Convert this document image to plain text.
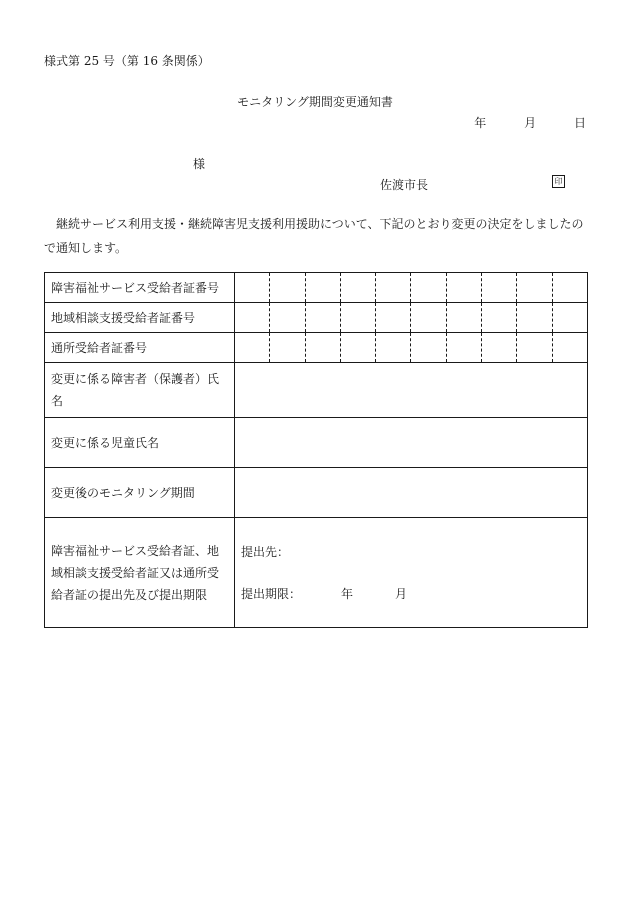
様式第 25 号（第 16 条関係）
モニタリング期間変更通知書
年	月	日
様
佐渡市長	印
継続サービス利用支援・継続障害児支援利用援助について、下記のとおり変更の決定をしましたので通知します。
障害福祉サービス受給者証番号										
地域相談支援受給者証番号										
通所受給者証番号										
変更に係る障害者（保護者）氏名										
変更に係る児童氏名										
変更後のモニタリング期間										
障害福祉サービス受給者証、地域相談支援受給者証又は通所受給者証の提出先及び提出期限	提出先：
提出期限： 年 月									
